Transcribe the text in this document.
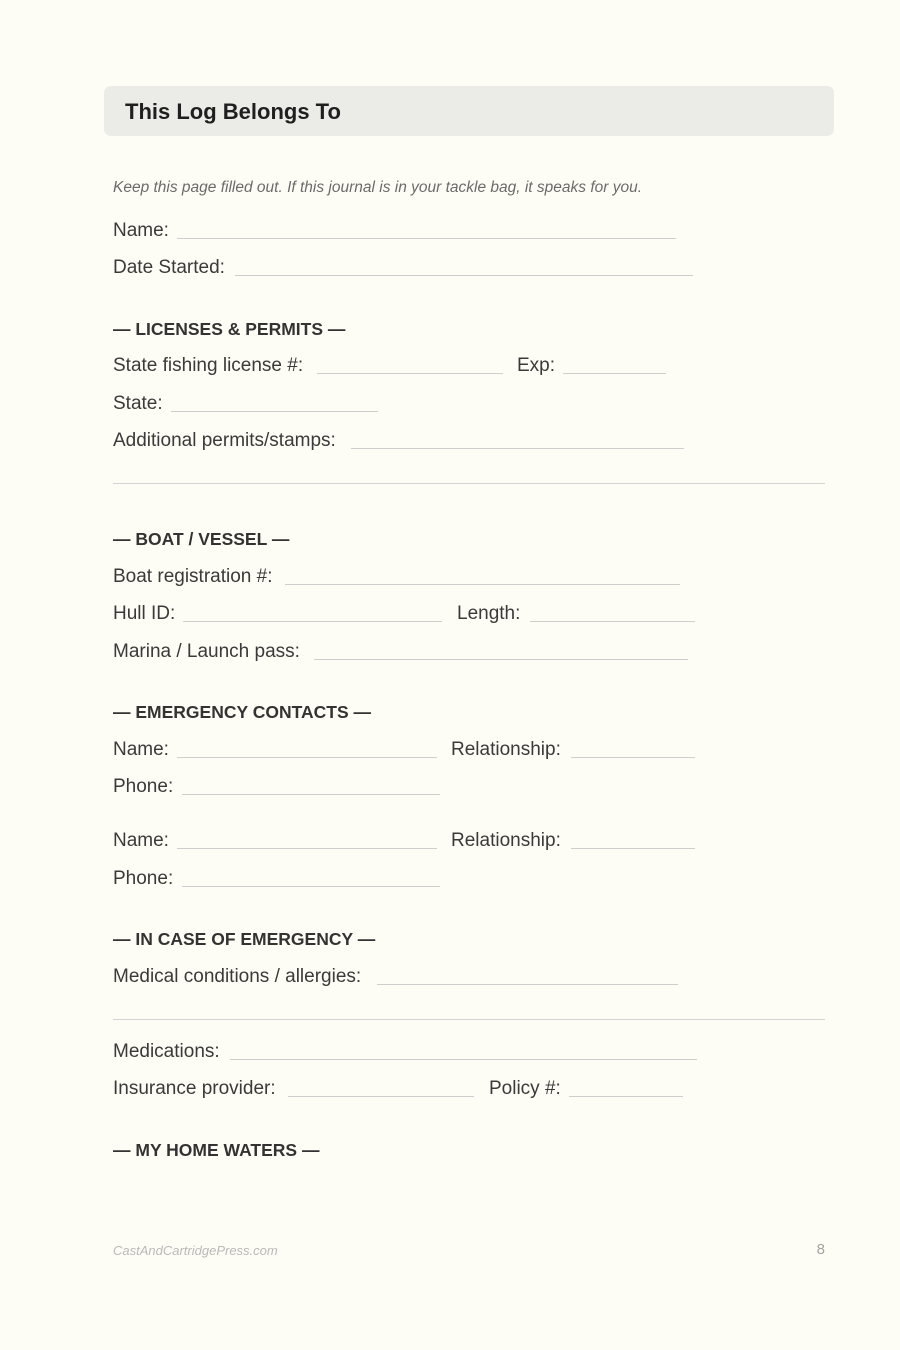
This Log Belongs To
Keep this page filled out. If this journal is in your tackle bag, it speaks for you.
Name:
Date Started:
— LICENSES & PERMITS —
State fishing license #:	Exp:
State:
Additional permits/stamps:
— BOAT / VESSEL —
Boat registration #:
Hull ID:	Length:
Marina / Launch pass:
— EMERGENCY CONTACTS —
Name:	Relationship:
Phone:
Name:	Relationship:
Phone:
— IN CASE OF EMERGENCY —
Medical conditions / allergies:
Medications:
Insurance provider:	Policy #:
— MY HOME WATERS —
CastAndCartridgePress.com	8
